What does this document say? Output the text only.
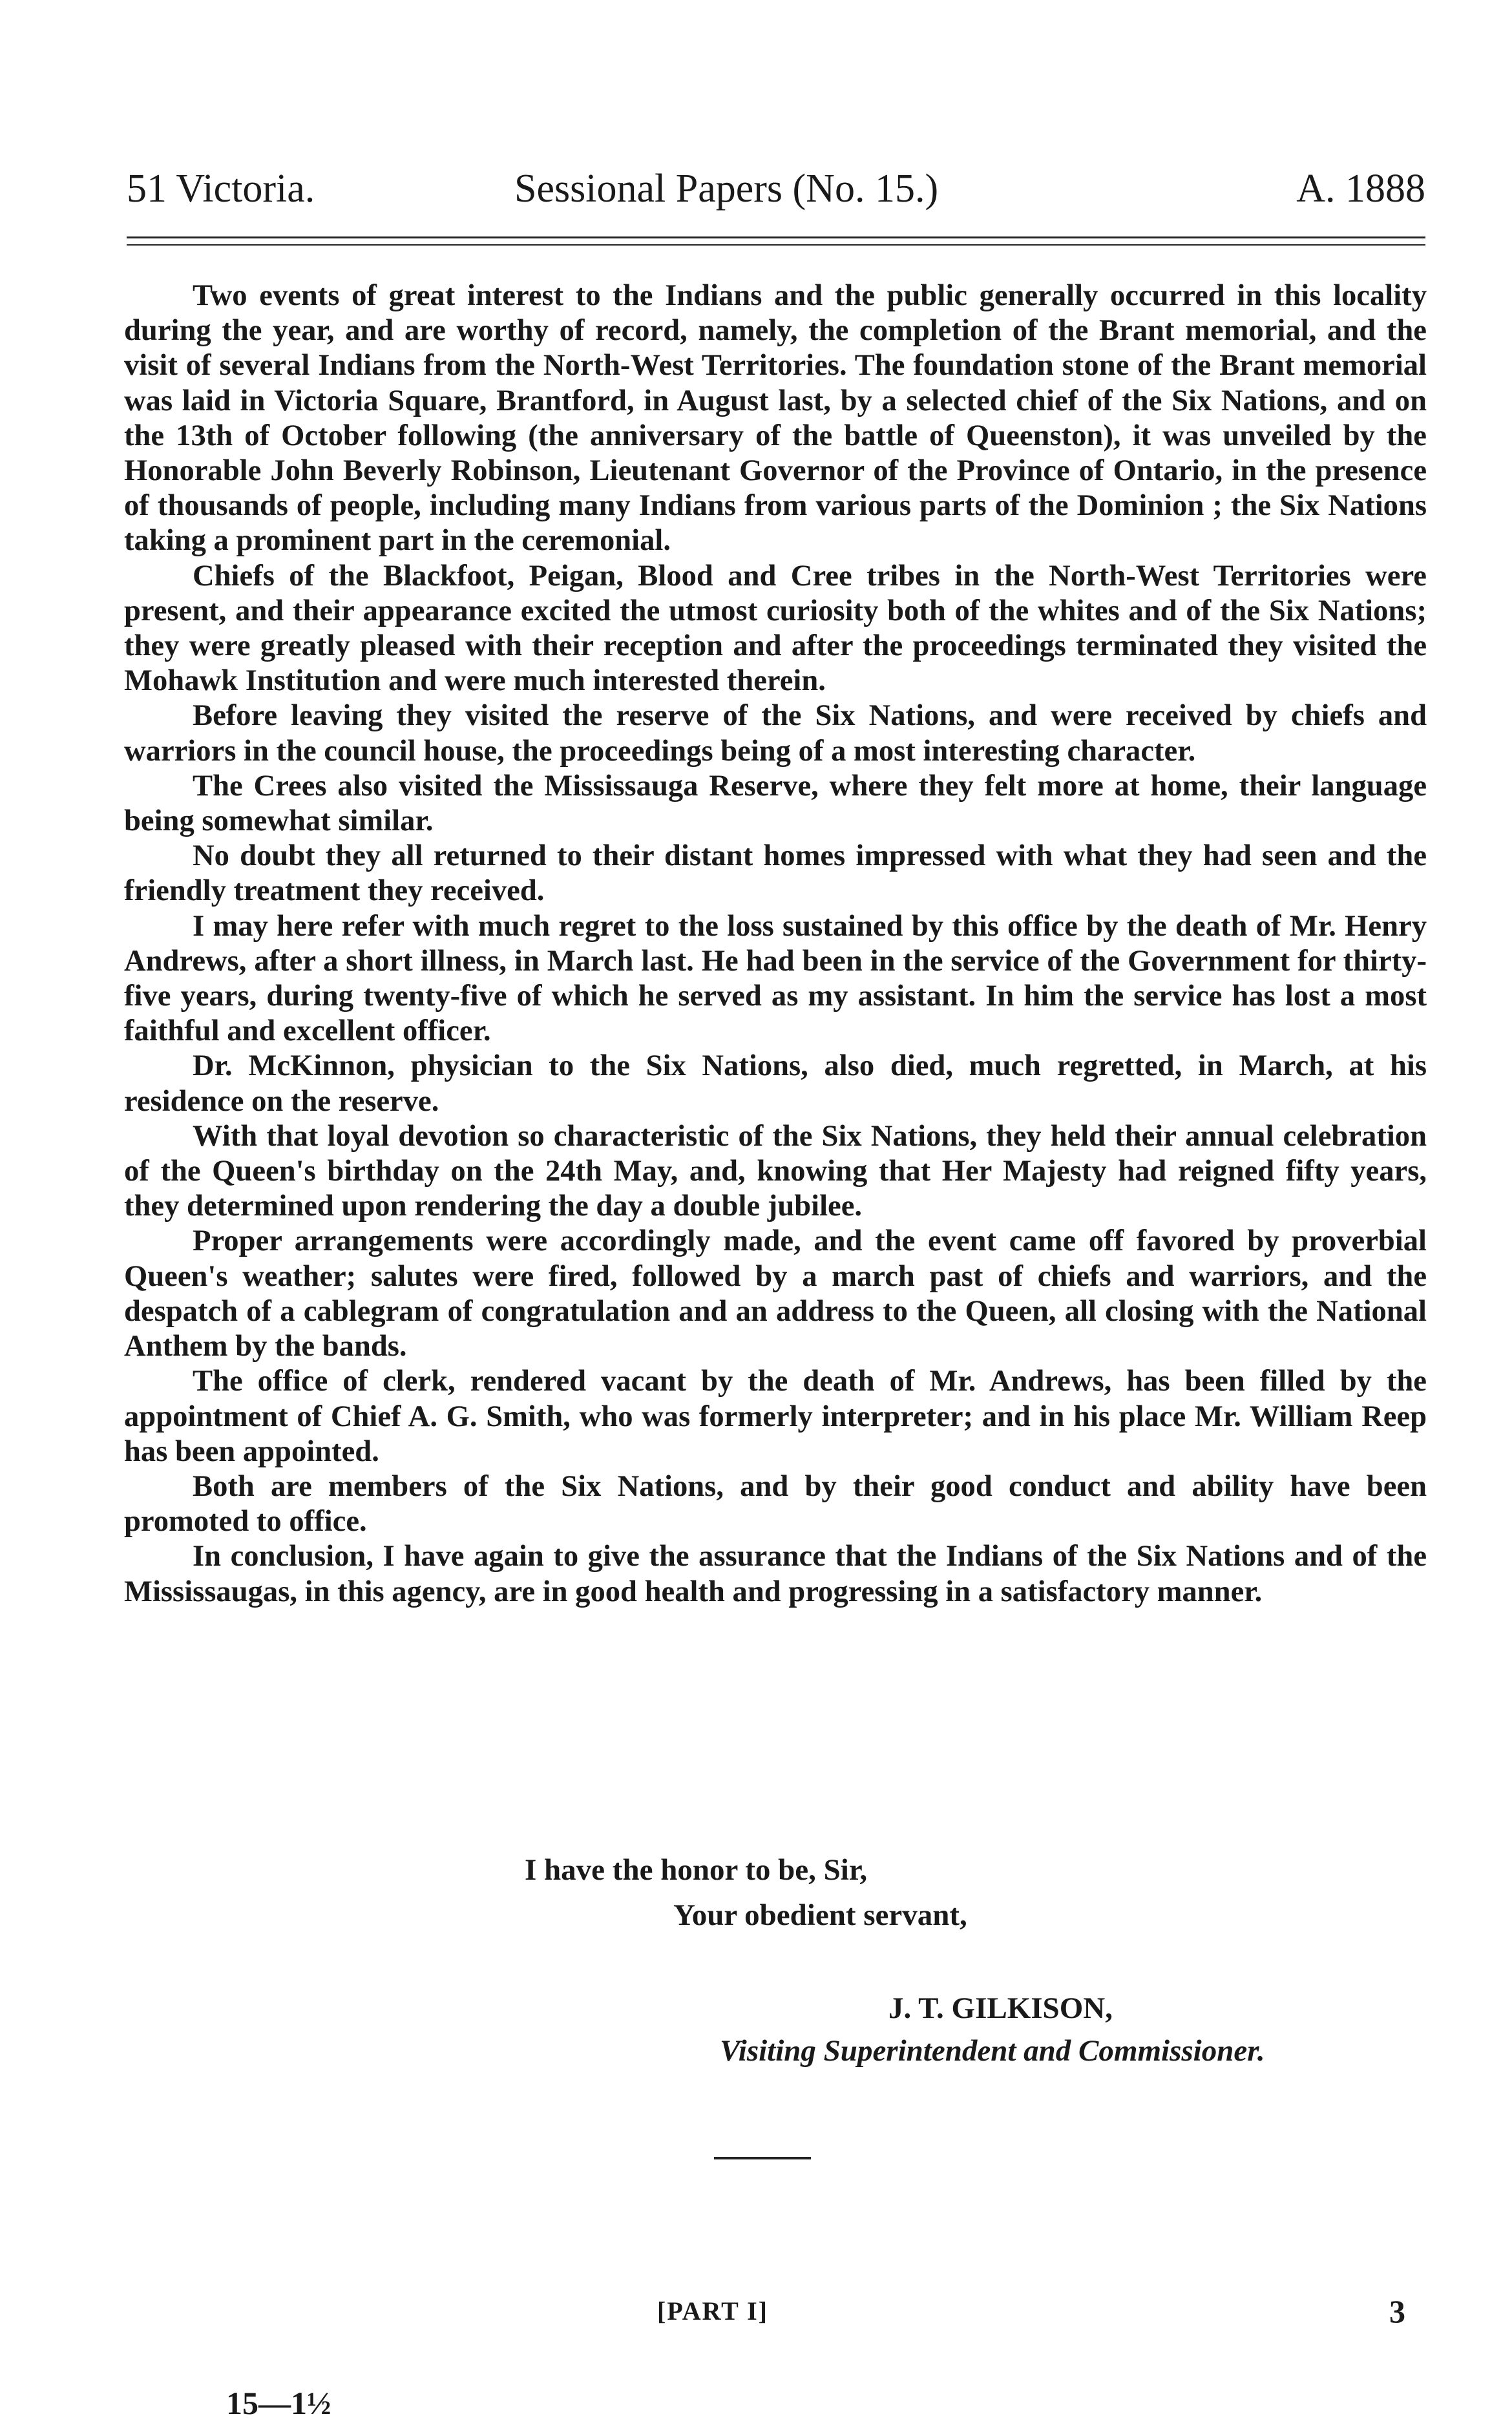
51 Victoria.	Sessional Papers (No. 15.)	A. 1888

Two events of great interest to the Indians and the public generally occurred in this locality during the year, and are worthy of record, namely, the completion of the Brant memorial, and the visit of several Indians from the North-West Territories. The foundation stone of the Brant memorial was laid in Victoria Square, Brantford, in August last, by a selected chief of the Six Nations, and on the 13th of October following (the anniversary of the battle of Queenston), it was unveiled by the Honorable John Beverly Robinson, Lieutenant Governor of the Province of Ontario, in the presence of thousands of people, including many Indians from various parts of the Dominion ; the Six Nations taking a prominent part in the ceremonial.

Chiefs of the Blackfoot, Peigan, Blood and Cree tribes in the North-West Territories were present, and their appearance excited the utmost curiosity both of the whites and of the Six Nations; they were greatly pleased with their reception and after the proceedings terminated they visited the Mohawk Institution and were much interested therein.

Before leaving they visited the reserve of the Six Nations, and were received by chiefs and warriors in the council house, the proceedings being of a most interesting character.

The Crees also visited the Mississauga Reserve, where they felt more at home, their language being somewhat similar.

No doubt they all returned to their distant homes impressed with what they had seen and the friendly treatment they received.

I may here refer with much regret to the loss sustained by this office by the death of Mr. Henry Andrews, after a short illness, in March last. He had been in the service of the Government for thirty-five years, during twenty-five of which he served as my assistant. In him the service has lost a most faithful and excellent officer.

Dr. McKinnon, physician to the Six Nations, also died, much regretted, in March, at his residence on the reserve.

With that loyal devotion so characteristic of the Six Nations, they held their annual celebration of the Queen's birthday on the 24th May, and, knowing that Her Majesty had reigned fifty years, they determined upon rendering the day a double jubilee.

Proper arrangements were accordingly made, and the event came off favored by proverbial Queen's weather; salutes were fired, followed by a march past of chiefs and warriors, and the despatch of a cablegram of congratulation and an address to the Queen, all closing with the National Anthem by the bands.

The office of clerk, rendered vacant by the death of Mr. Andrews, has been filled by the appointment of Chief A. G. Smith, who was formerly interpreter; and in his place Mr. William Reep has been appointed.

Both are members of the Six Nations, and by their good conduct and ability have been promoted to office.

In conclusion, I have again to give the assurance that the Indians of the Six Nations and of the Mississaugas, in this agency, are in good health and progressing in a satisfactory manner.

I have the honor to be, Sir,
Your obedient servant,
J. T. GILKISON,
Visiting Superintendent and Commissioner.
[PART I]	3
15—1½
